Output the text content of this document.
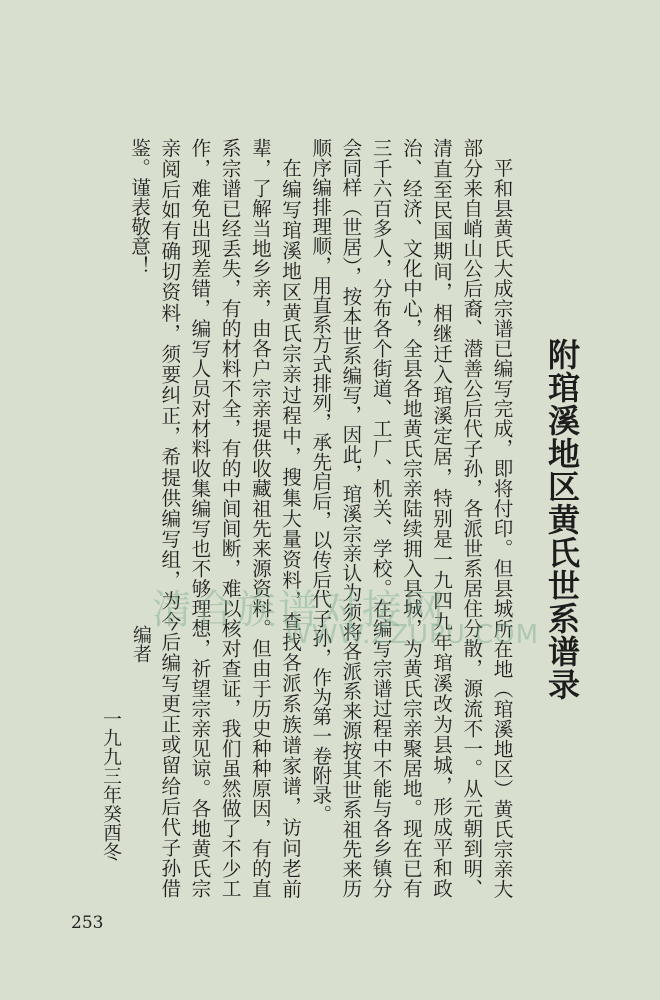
附琯溪地区黄氏世系谱录

平和县黄氏大成宗谱已编写完成，即将付印。但县城所在地（琯溪地区）黄氏宗亲大部分来自峭山公后裔、潜善公后代子孙，各派世系居住分散，源流不一。从元朝到明、清直至民国期间，相继迁入琯溪定居，特别是一九四九年琯溪改为县城，形成平和政治、经济、文化中心，全县各地黄氏宗亲陆续拥入县城，为黄氏宗亲聚居地。现在已有三千六百多人，分布各个街道、工厂、机关、学校。在编写宗谱过程中不能与各乡镇分会同样（世居），按本世系编写，因此，琯溪宗亲认为须将各派系来源按其世系祖先来历顺序编排理顺，用直系方式排列，承先启后，以传后代子孙，作为第一卷附录。

在编写琯溪地区黄氏宗亲过程中，搜集大量资料，查找各派系族谱家谱，访问老前辈，了解当地乡亲，由各户宗亲提供收藏祖先来源资料。但由于历史种种原因，有的直系宗谱已经丢失，有的材料不全，有的中间间断，难以核对查证，我们虽然做了不少工作，难免出现差错，编写人员对材料收集编写也不够理想，祈望宗亲见谅。各地黄氏宗亲阅后如有确切资料，须要纠正，希提供编写组，为今后编写更正或留给后代子孙借鉴。谨表敬意！

编者
一九九三年癸酉冬
253
清合族谱对接网
WWW.ZZUPU.COM
